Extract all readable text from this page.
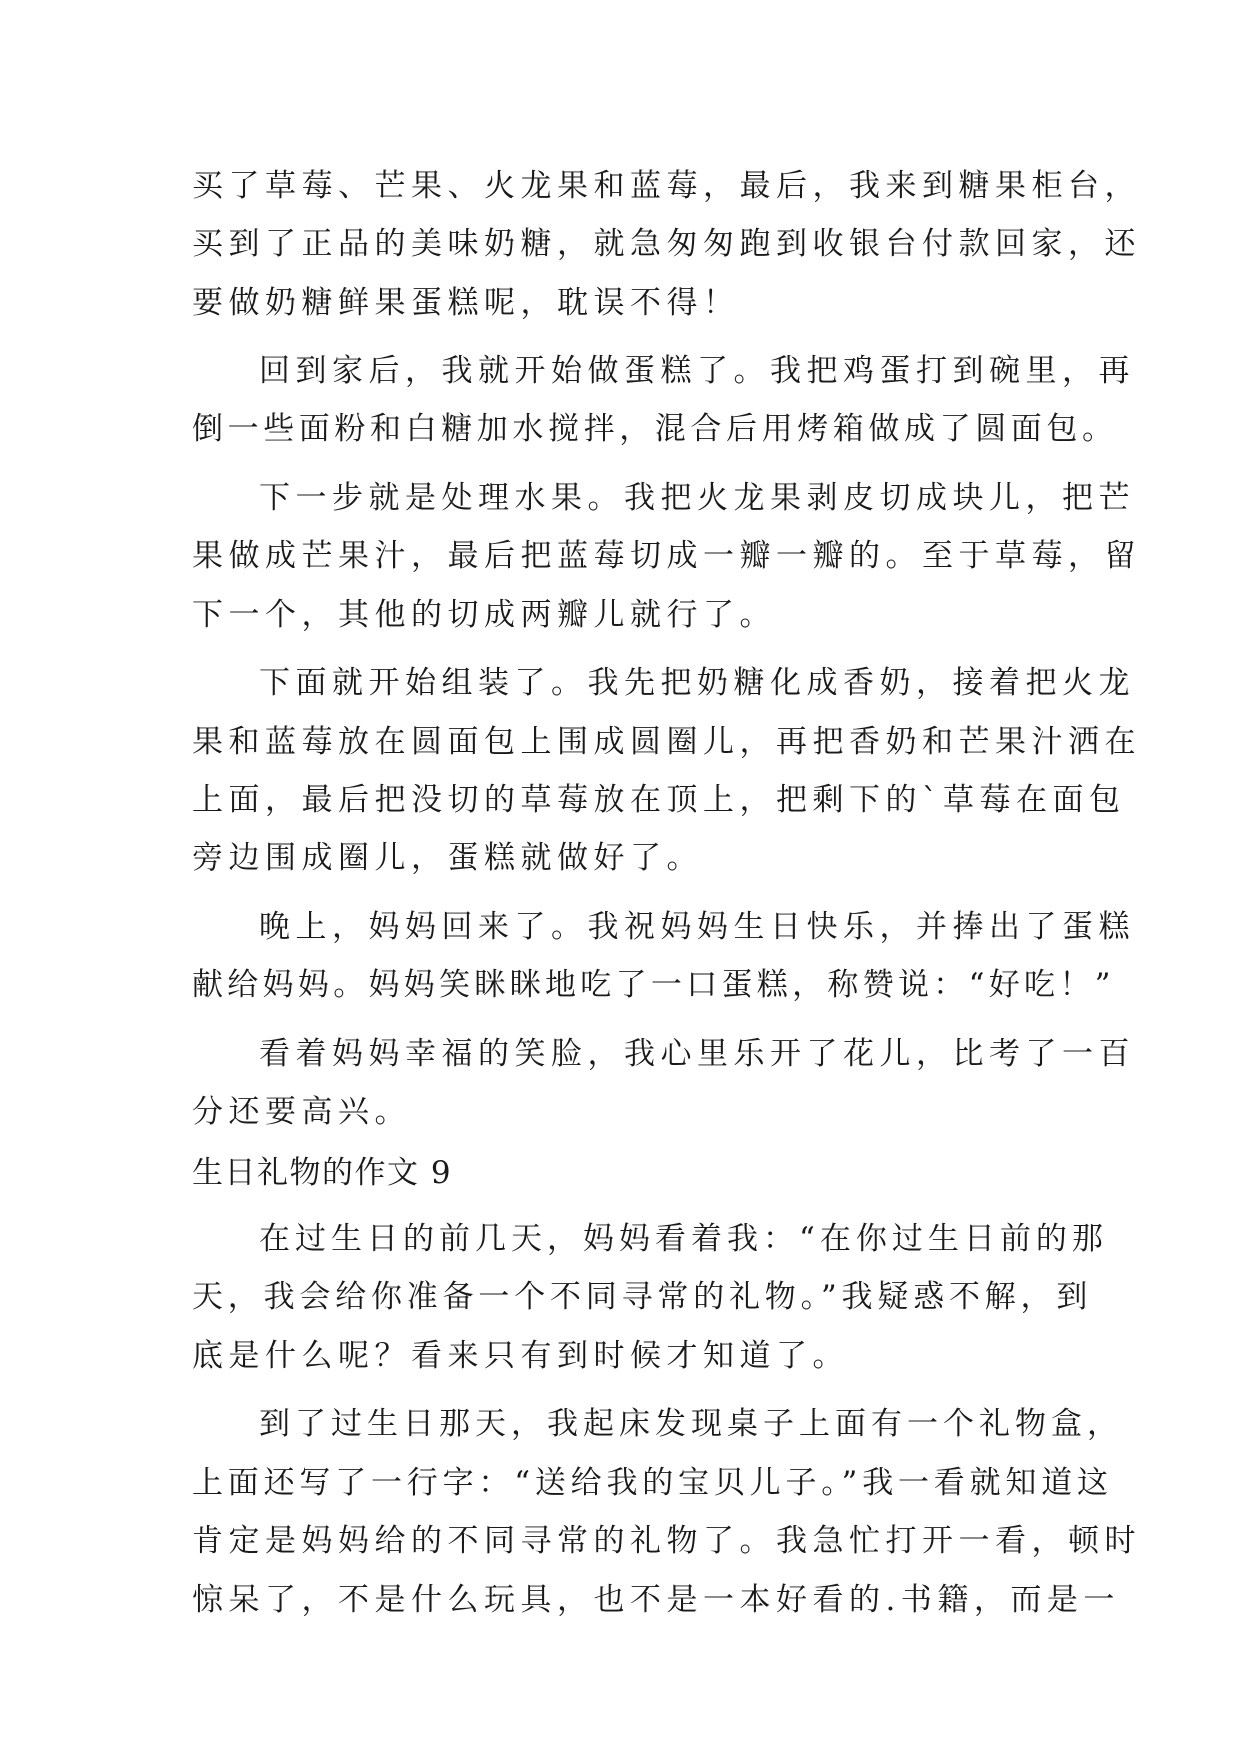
买了草莓、芒果、火龙果和蓝莓，最后，我来到糖果柜台，
买到了正品的美味奶糖，就急匆匆跑到收银台付款回家，还
要做奶糖鲜果蛋糕呢，耽误不得！
回到家后，我就开始做蛋糕了。我把鸡蛋打到碗里，再
倒一些面粉和白糖加水搅拌，混合后用烤箱做成了圆面包。
下一步就是处理水果。我把火龙果剥皮切成块儿，把芒
果做成芒果汁，最后把蓝莓切成一瓣一瓣的。至于草莓，留
下一个，其他的切成两瓣儿就行了。
下面就开始组装了。我先把奶糖化成香奶，接着把火龙
果和蓝莓放在圆面包上围成圆圈儿，再把香奶和芒果汁洒在
上面，最后把没切的草莓放在顶上，把剩下的`草莓在面包
旁边围成圈儿，蛋糕就做好了。
晚上，妈妈回来了。我祝妈妈生日快乐，并捧出了蛋糕
献给妈妈。妈妈笑眯眯地吃了一口蛋糕，称赞说：“好吃！”
看着妈妈幸福的笑脸，我心里乐开了花儿，比考了一百
分还要高兴。
生日礼物的作文 9
在过生日的前几天，妈妈看着我：“在你过生日前的那
天，我会给你准备一个不同寻常的礼物。”我疑惑不解，到
底是什么呢？看来只有到时候才知道了。
到了过生日那天，我起床发现桌子上面有一个礼物盒，
上面还写了一行字：“送给我的宝贝儿子。”我一看就知道这
肯定是妈妈给的不同寻常的礼物了。我急忙打开一看，顿时
惊呆了，不是什么玩具，也不是一本好看的.书籍，而是一
